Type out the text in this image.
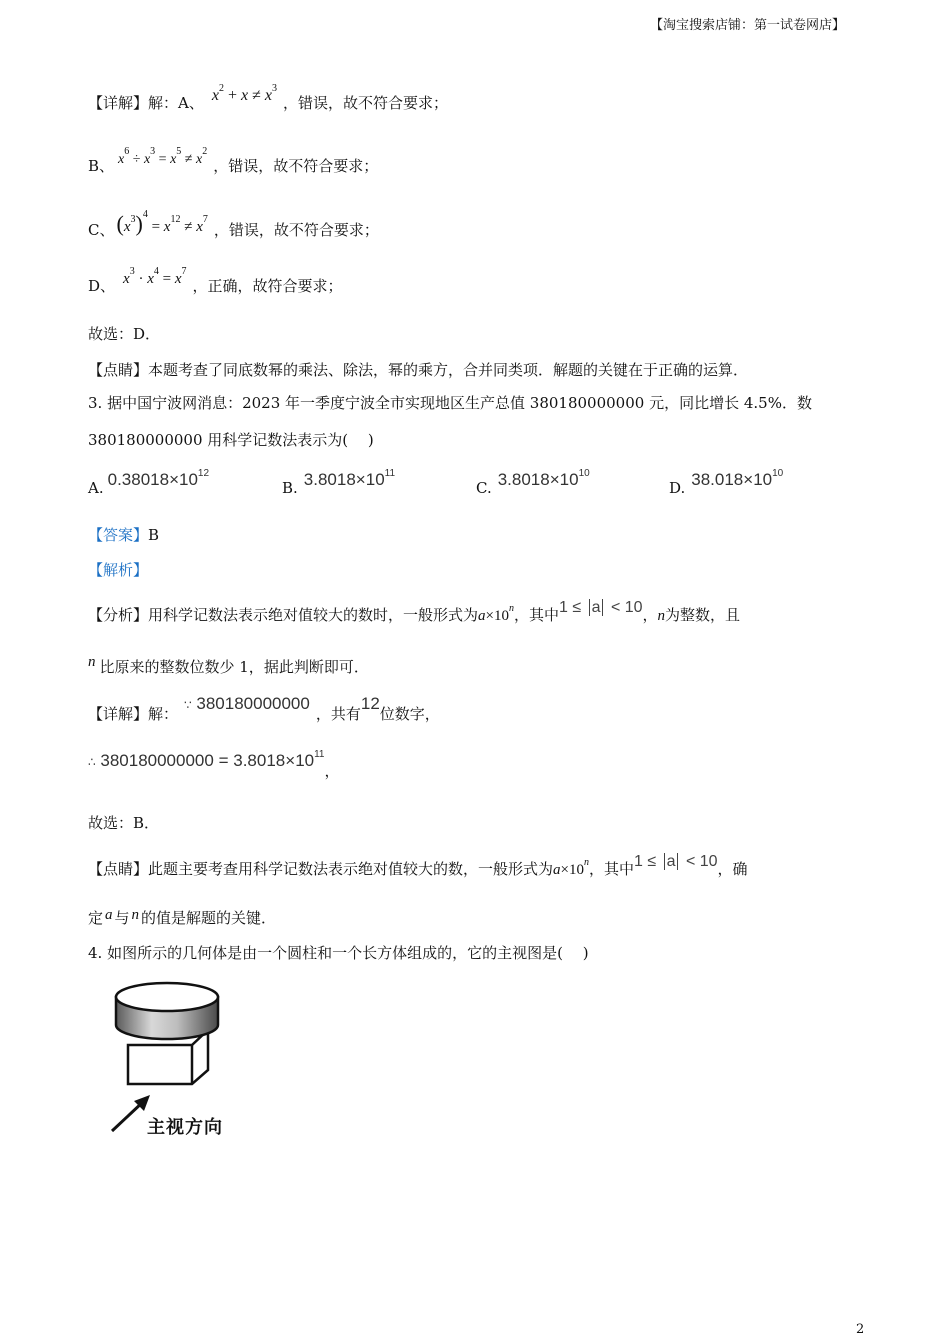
【淘宝搜索店铺：第一试卷网店】
【详解】解：A、 $x^2 + x \ne x^3$
，错误，故不符合要求；
B、 $x^6 \div x^3 = x^5 \ne x^2$
，错误，故不符合要求；
C、 $(x^3)^4 = x^{12} \ne x^7$
，错误，故不符合要求；
D、 $x^3 \cdot x^4 = x^7$
，正确，故符合要求；
故选：D．
【点睛】本题考查了同底数幂的乘法、除法，幂的乘方，合并同类项．解题的关键在于正确的运算．
3. 据中国宁波网消息：2023 年一季度宁波全市实现地区生产总值 380180000000 元，同比增长 4.5%．数
380180000000 用科学记数法表示为(　 )
A. $0.38018\times 10^{12}$
B. $3.8018\times 10^{11}$
C. $3.8018\times 10^{10}$
D. $38.018\times 10^{10}$
【答案】 B
【解析】
【分析】用科学记数法表示绝对值较大的数时，一般形式为 $a\times 10^n$ ，其中 1 ≤ a < 10 ， n 为整数，且
n 比原来的整数位数少 1，据此判断即可．
【详解】解： ∵ 380180000000
，共有
12
位数字，
∴ $380180000000 = 3.8018\times 10^{11}$
，
故选：B．
【点睛】此题主要考查用科学记数法表示绝对值较大的数，一般形式为 $a\times 10^n$ ，其中 1 ≤ a < 10 ，确
定 a 与 n 的值是解题的关键．
4. 如图所示的几何体是由一个圆柱和一个长方体组成的，它的主视图是(　 )
主视方向
2
